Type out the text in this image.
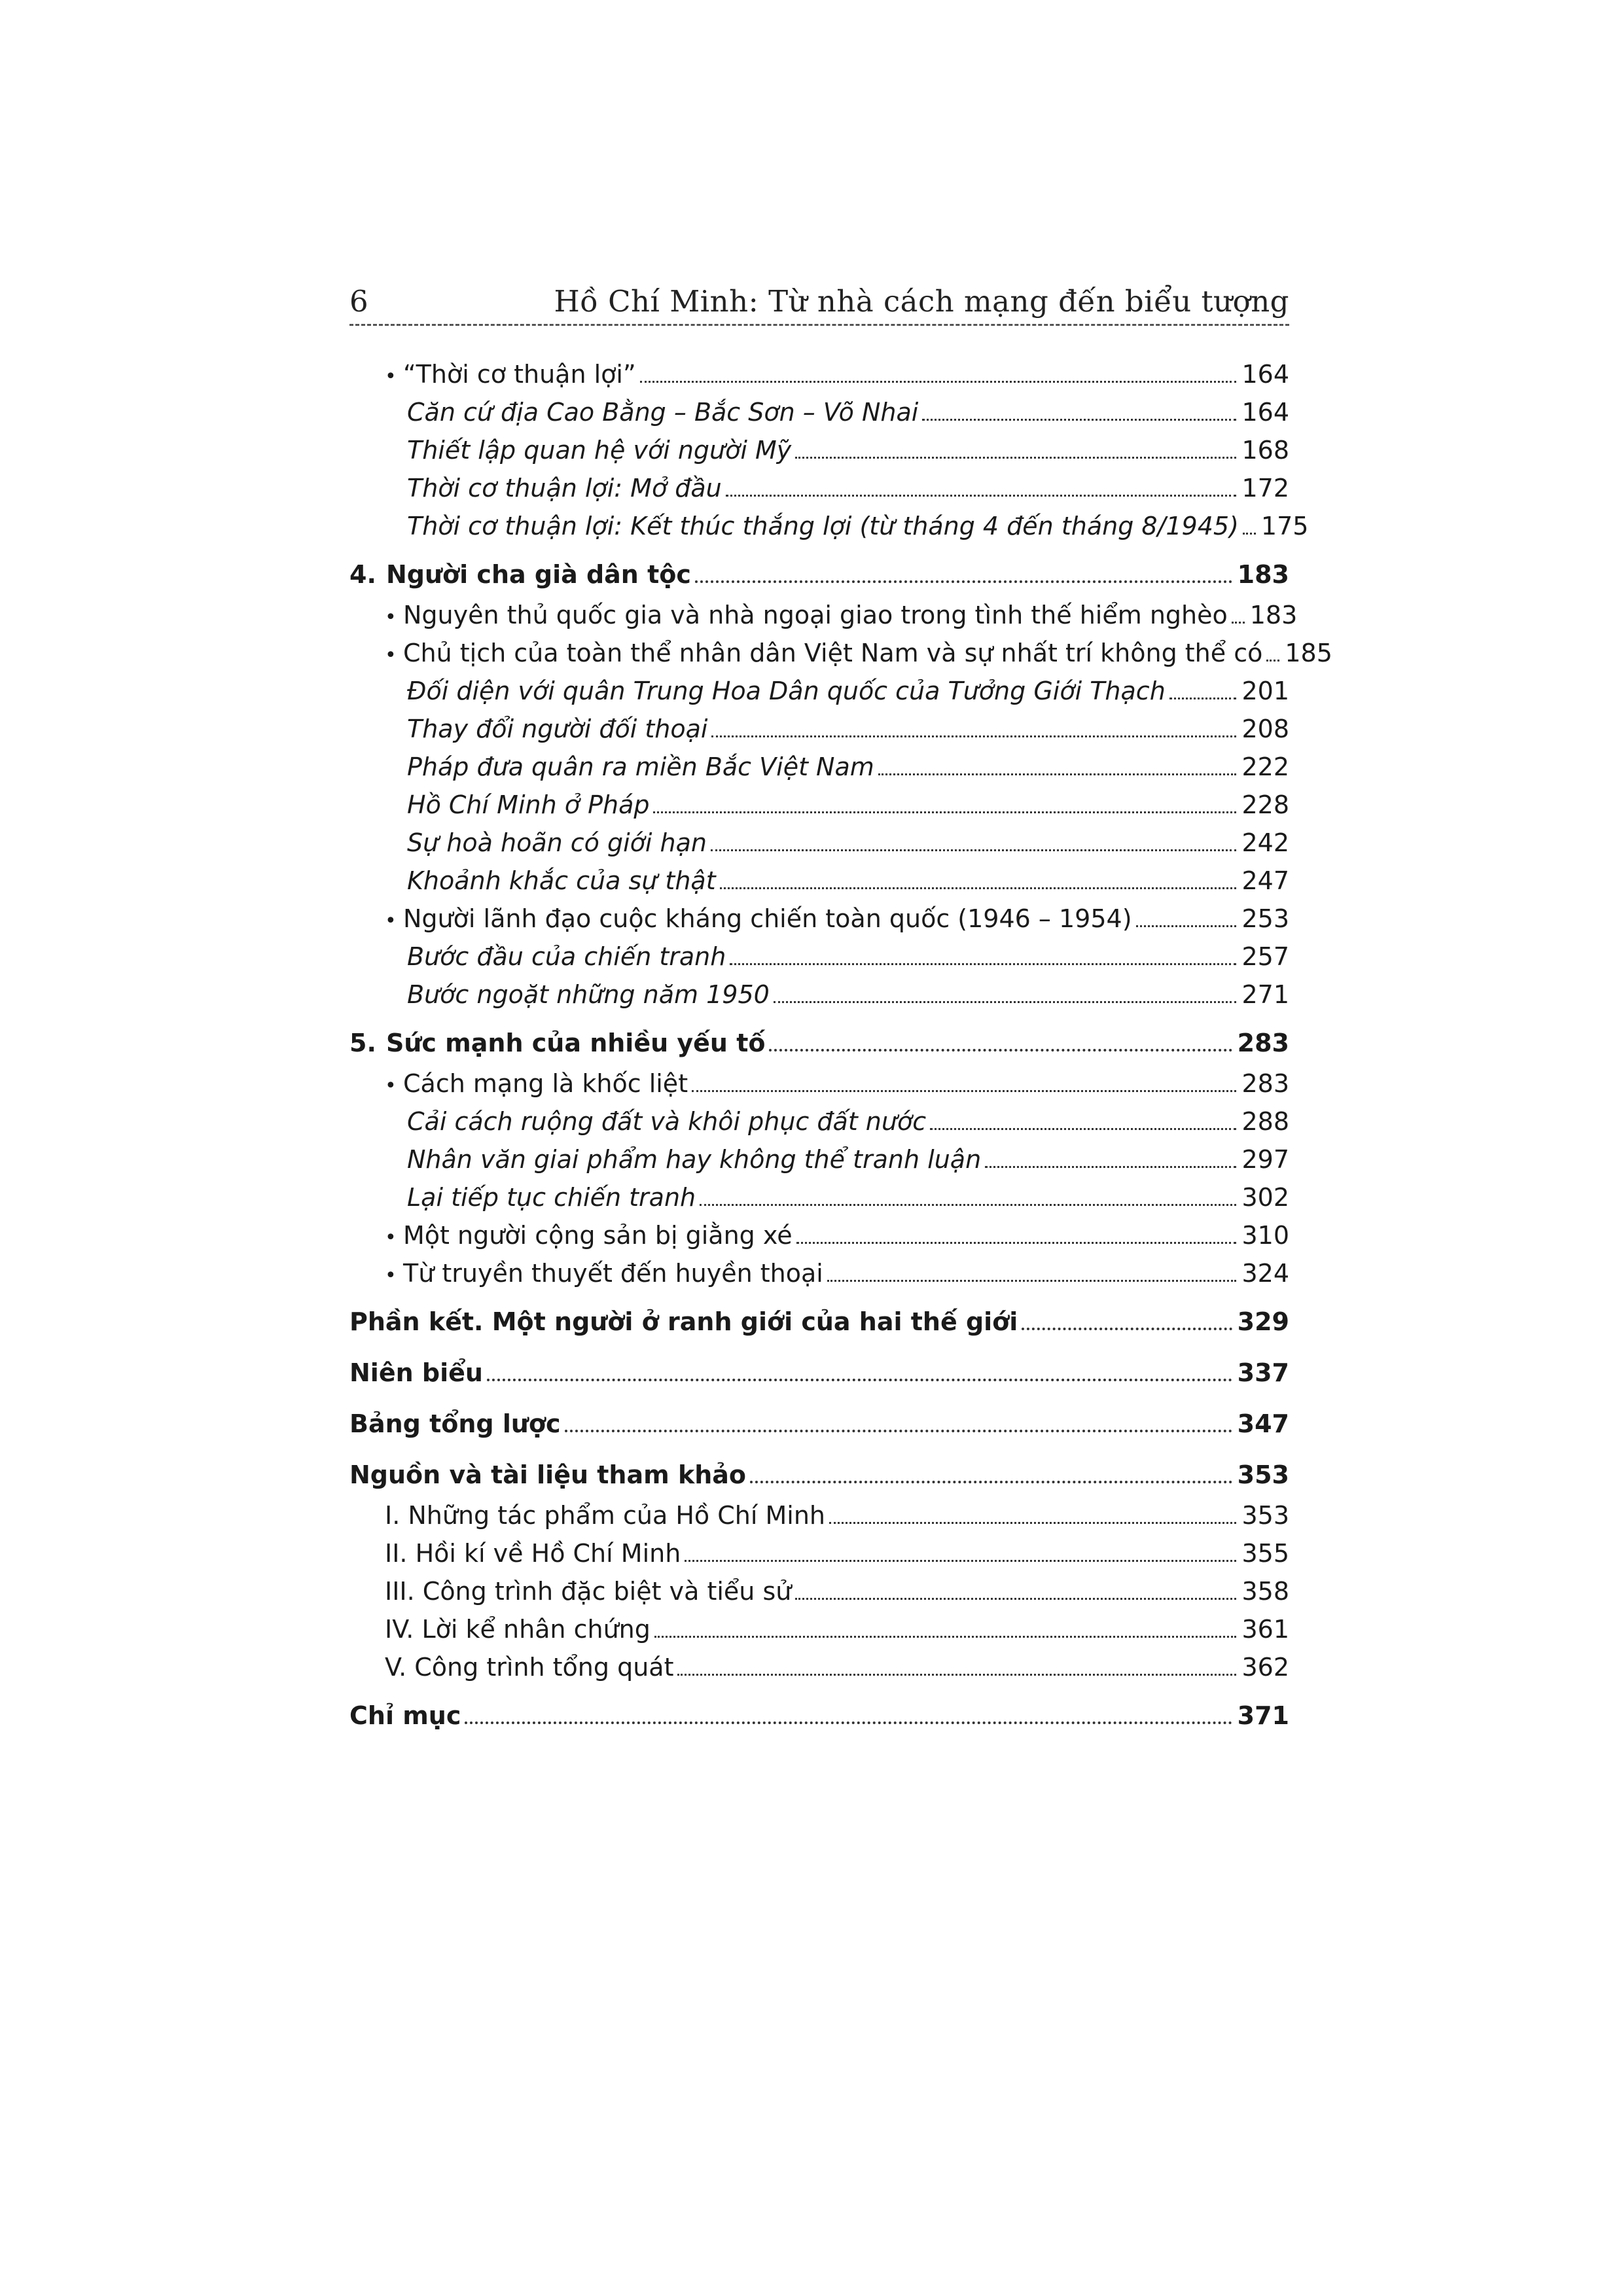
6	Hồ Chí Minh: Từ nhà cách mạng đến biểu tượng
• “Thời cơ thuận lợi”	164
Căn cứ địa Cao Bằng – Bắc Sơn – Võ Nhai	164
Thiết lập quan hệ với người Mỹ	168
Thời cơ thuận lợi: Mở đầu	172
Thời cơ thuận lợi: Kết thúc thắng lợi (từ tháng 4 đến tháng 8/1945) 175
4. Người cha già dân tộc	183
• Nguyên thủ quốc gia và nhà ngoại giao trong tình thế hiểm nghèo 183
• Chủ tịch của toàn thể nhân dân Việt Nam và sự nhất trí không thể có 185
Đối diện với quân Trung Hoa Dân quốc của Tưởng Giới Thạch	201
Thay đổi người đối thoại	208
Pháp đưa quân ra miền Bắc Việt Nam	222
Hồ Chí Minh ở Pháp	228
Sự hoà hoãn có giới hạn	242
Khoảnh khắc của sự thật	247
• Người lãnh đạo cuộc kháng chiến toàn quốc (1946 – 1954)	253
Bước đầu của chiến tranh	257
Bước ngoặt những năm 1950	271
5. Sức mạnh của nhiều yếu tố	283
• Cách mạng là khốc liệt	283
Cải cách ruộng đất và khôi phục đất nước	288
Nhân văn giai phẩm hay không thể tranh luận	297
Lại tiếp tục chiến tranh	302
• Một người cộng sản bị giằng xé	310
• Từ truyền thuyết đến huyền thoại	324
Phần kết. Một người ở ranh giới của hai thế giới	329
Niên biểu	337
Bảng tổng lược	347
Nguồn và tài liệu tham khảo	353
I. Những tác phẩm của Hồ Chí Minh	353
II. Hồi kí về Hồ Chí Minh	355
III. Công trình đặc biệt và tiểu sử	358
IV. Lời kể nhân chứng	361
V. Công trình tổng quát	362
Chỉ mục	371
